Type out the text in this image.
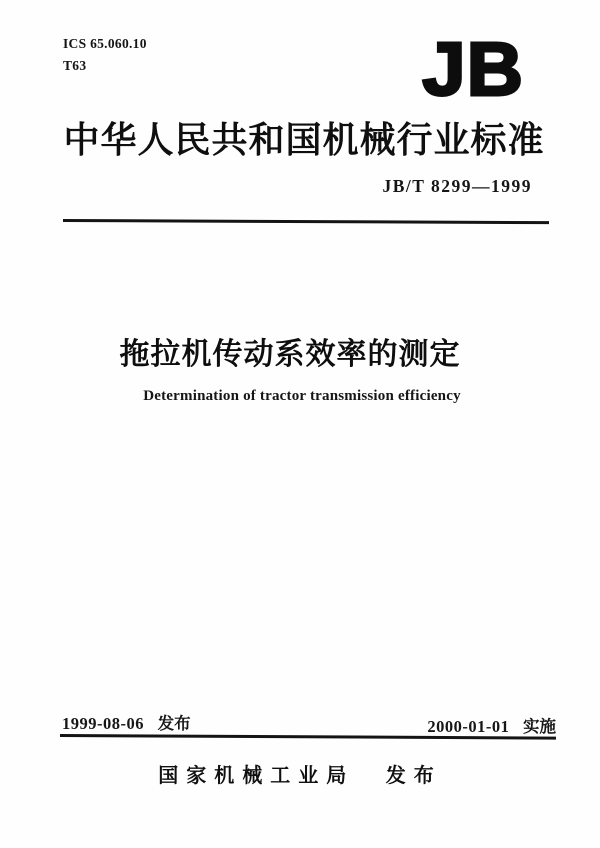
ICS 65.060.10
T63	JB
中华人民共和国机械行业标准
JB/T 8299—1999
拖拉机传动系效率的测定
Determination of tractor transmission efficiency
1999-08-06 发布	2000-01-01 实施
国家机械工业局 发布
